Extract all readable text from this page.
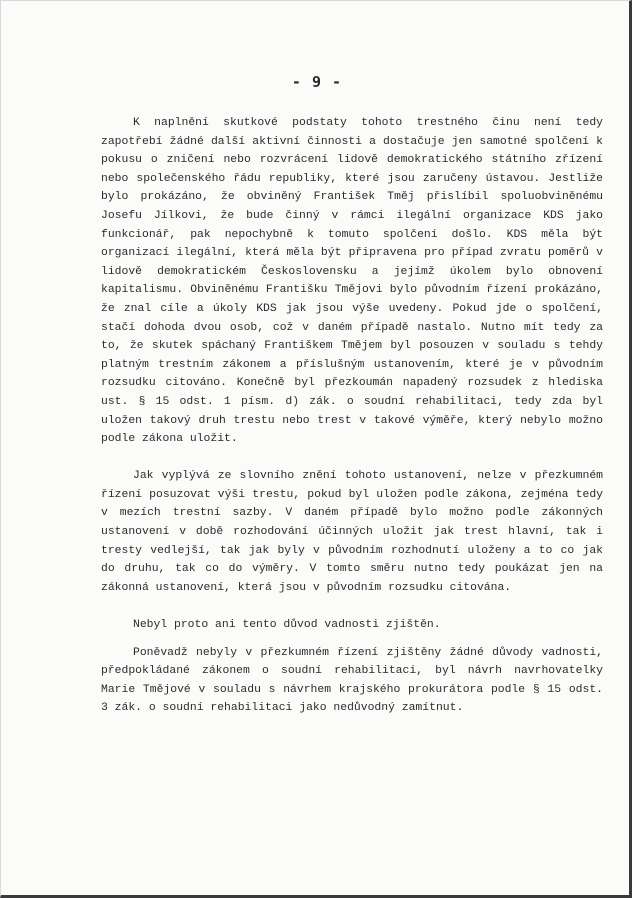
- 9 -

K naplnění skutkové podstaty tohoto trestného činu není tedy zapotřebí žádné další aktivní činnosti a dostačuje jen samotné spolčení k pokusu o zničení nebo rozvrácení lidově demokratického státního zřízení nebo společenského řádu republiky, které jsou zaručeny ústavou. Jestliže bylo prokázáno, že obviněný František Tměj přislíbil spoluobviněnému Josefu Jílkovi, že bude činný v rámci ilegální organizace KDS jako funkcionář, pak nepochybně k tomuto spolčení došlo. KDS měla být organizací ilegální, která měla být připravena pro případ zvratu poměrů v lidově demokratickém Československu a jejímž úkolem bylo obnovení kapitalismu. Obviněnému Františku Tmějovi bylo původním řízení prokázáno, že znal cíle a úkoly KDS jak jsou výše uvedeny. Pokud jde o spolčení, stačí dohoda dvou osob, což v daném případě nastalo. Nutno mít tedy za to, že skutek spáchaný Františkem Tmějem byl posouzen v souladu s tehdy platným trestním zákonem a příslušným ustanovením, které je v původním rozsudku citováno. Konečně byl přezkoumán napadený rozsudek z hlediska ust. § 15 odst. 1 písm. d) zák. o soudní rehabilitaci, tedy zda byl uložen takový druh trestu nebo trest v takové výměře, který nebylo možno podle zákona uložit.

Jak vyplývá ze slovního znění tohoto ustanovení, nelze v přezkumném řízení posuzovat výši trestu, pokud byl uložen podle zákona, zejména tedy v mezích trestní sazby. V daném případě bylo možno podle zákonných ustanovení v době rozhodování účinných uložit jak trest hlavní, tak i tresty vedlejší, tak jak byly v původním rozhodnutí uloženy a to co jak do druhu, tak co do výměry. V tomto směru nutno tedy poukázat jen na zákonná ustanovení, která jsou v původním rozsudku citována.

Nebyl proto ani tento důvod vadnosti zjištěn.

Poněvadž nebyly v přezkumném řízení zjištěny žádné důvody vadnosti, předpokládané zákonem o soudní rehabilitaci, byl návrh navrhovatelky Marie Tmějové v souladu s návrhem krajského prokurátora podle § 15 odst. 3 zák. o soudní rehabilitaci jako nedůvodný zamítnut.
